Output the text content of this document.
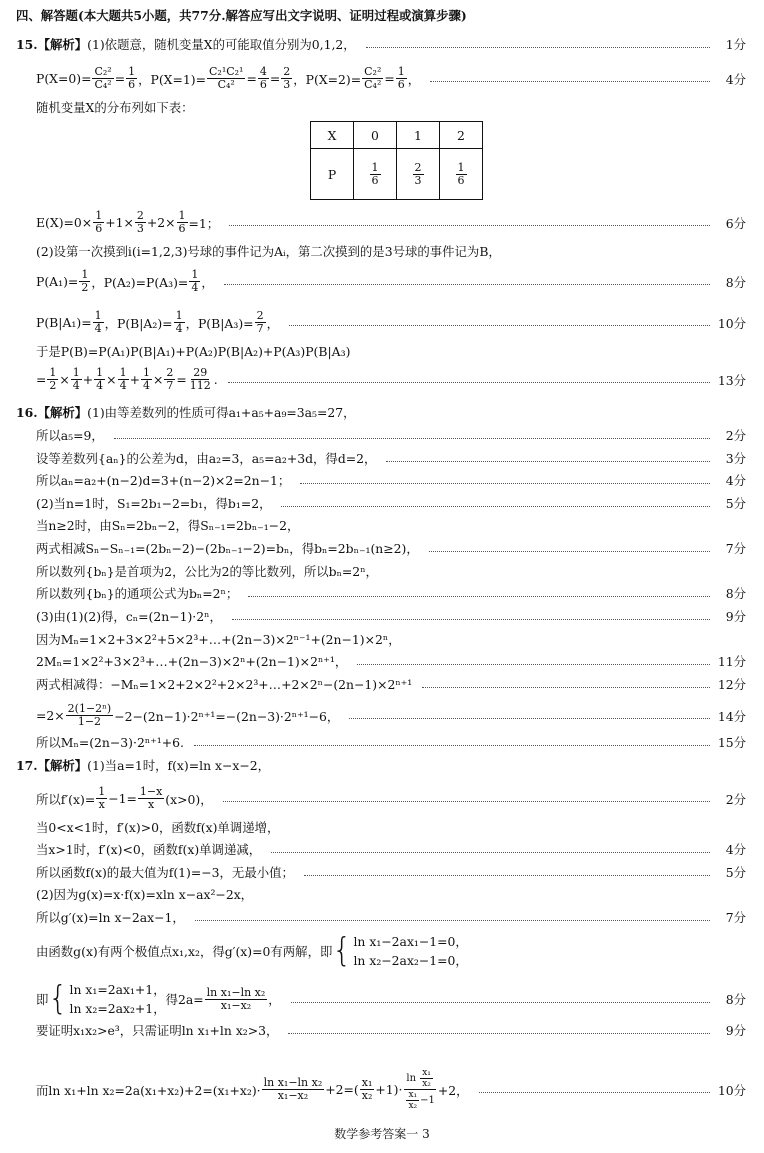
四、解答题(本大题共5小题，共77分.解答应写出文字说明、证明过程或演算步骤)
15. 【解析】 (1)依题意，随机变量X的可能取值分别为0,1,2，	1分
$P(X=0)= \frac{\text{C₂²}}{\text{C₄²}} = \frac{1}{6}$ ，$P(X=1)= \frac{\text{C₂¹C₂¹}}{\text{C₄²}} = \frac{4}{6} = \frac{2}{3}$ ，$P(X=2)= \frac{\text{C₂²}}{\text{C₄²}} = \frac{1}{6}$ ，	4分
随机变量X的分布列如下表：
X	0	1	2
P	$\frac{1}{6}$	$\frac{2}{3}$	$\frac{1}{6}$
$E(X)=0\times \frac{1}{6} +1\times \frac{2}{3} +2\times \frac{1}{6} =1$；	6分
(2)设第一次摸到i(i=1,2,3)号球的事件记为Aᵢ，第二次摸到的是3号球的事件记为B，
$P(A_1)= \frac{1}{2}$ ，$P(A_2)=P(A_3)= \frac{1}{4}$ ，	8分
$P(B|A_1)= \frac{1}{4}$ ，$P(B|A_2)= \frac{1}{4}$ ，$P(B|A_3)= \frac{2}{7}$ ，	10分
于是P(B)=P(A₁)P(B|A₁)+P(A₂)P(B|A₂)+P(A₃)P(B|A₃)
= $\frac{1}{2} \times \frac{1}{4} + \frac{1}{4} \times \frac{1}{4} + \frac{1}{4} \times \frac{2}{7} = \frac{29}{112}$ .	13分
16. 【解析】 (1)由等差数列的性质可得a₁+a₅+a₉=3a₅=27，
所以a₅=9，	2分
设等差数列{aₙ}的公差为d，由a₂=3，a₅=a₂+3d，得d=2，	3分
所以aₙ=a₂+(n−2)d=3+(n−2)×2=2n−1；	4分
(2)当n=1时，S₁=2b₁−2=b₁，得b₁=2，	5分
当n≥2时，由Sₙ=2bₙ−2，得Sₙ₋₁=2bₙ₋₁−2，
两式相减Sₙ−Sₙ₋₁=(2bₙ−2)−(2bₙ₋₁−2)=bₙ，得bₙ=2bₙ₋₁(n≥2)，	7分
所以数列{bₙ}是首项为2，公比为2的等比数列，所以bₙ=2ⁿ，
所以数列{bₙ}的通项公式为bₙ=2ⁿ；	8分
(3)由(1)(2)得，cₙ=(2n−1)·2ⁿ，	9分
因为Mₙ=1×2+3×2²+5×2³+…+(2n−3)×2ⁿ⁻¹+(2n−1)×2ⁿ，
2Mₙ=1×2²+3×2³+…+(2n−3)×2ⁿ+(2n−1)×2ⁿ⁺¹，	11分
两式相减得：−Mₙ=1×2+2×2²+2×2³+…+2×2ⁿ−(2n−1)×2ⁿ⁺¹	12分
$=2\times \frac{\text{2(1−2ⁿ)}}{1-2} -2-(2n-1)\cdot 2^{n+1}=-(2n-3)\cdot 2^{n+1}-6$，	14分
所以Mₙ=(2n−3)·2ⁿ⁺¹+6.	15分
17. 【解析】 (1)当a=1时，f(x)=ln x−x−2，
所以$f'(x)= \frac{1}{x} -1= \frac{1-x}{x} (x>0)$，	2分
当0<x<1时，f′(x)>0，函数f(x)单调递增，
当x>1时，f′(x)<0，函数f(x)单调递减，	4分
所以函数f(x)的最大值为f(1)=−3，无最小值；	5分
(2)因为g(x)=x·f(x)=xln x−ax²−2x，
所以g′(x)=ln x−2ax−1，	7分
由函数g(x)有两个极值点x₁,x₂，得g′(x)=0有两解，即 { ln x₁−2ax₁−1=0，
ln x₂−2ax₂−1=0，
即 { ln x₁=2ax₁+1，
ln x₂=2ax₂+1，
得$2a= \frac{\text{ln x₁−ln x₂}}{\text{x₁−x₂}}$ ，	8分
要证明x₁x₂>e³，只需证明ln x₁+ln x₂>3，	9分
而ln x₁+ln $x_2=2a(x_1+x_2)+2=(x_1+x_2)\cdot \frac{\text{ln x₁−ln x₂}}{\text{x₁−x₂}} +2=$ ( $\frac{\text{x₁}}{\text{x₂}} +1$ ) · $\frac{\ln \frac{\text{x₁}}{\text{x₂}}}{\frac{\text{x₁}}{\text{x₂}} -1} +2$，	10分
数学参考答案一 3
